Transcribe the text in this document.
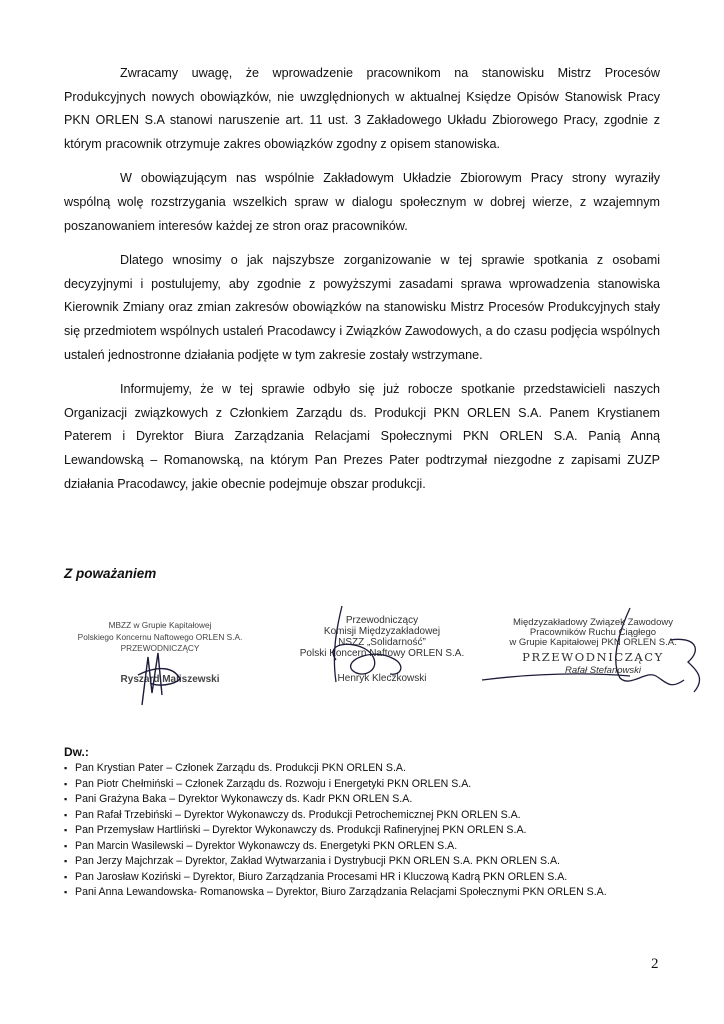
Zwracamy uwagę, że wprowadzenie pracownikom na stanowisku Mistrz Procesów Produkcyjnych nowych obowiązków, nie uwzględnionych w aktualnej Księdze Opisów Stanowisk Pracy PKN ORLEN S.A stanowi naruszenie art. 11 ust. 3 Zakładowego Układu Zbiorowego Pracy, zgodnie z którym pracownik otrzymuje zakres obowiązków zgodny z opisem stanowiska.

W obowiązującym nas wspólnie Zakładowym Układzie Zbiorowym Pracy strony wyraziły wspólną wolę rozstrzygania wszelkich spraw w dialogu społecznym w dobrej wierze, z wzajemnym poszanowaniem interesów każdej ze stron oraz pracowników.

Dlatego wnosimy o jak najszybsze zorganizowanie w tej sprawie spotkania z osobami decyzyjnymi i postulujemy, aby zgodnie z powyższymi zasadami sprawa wprowadzenia stanowiska Kierownik Zmiany oraz zmian zakresów obowiązków na stanowisku Mistrz Procesów Produkcyjnych stały się przedmiotem wspólnych ustaleń Pracodawcy i Związków Zawodowych, a do czasu podjęcia wspólnych ustaleń jednostronne działania podjęte w tym zakresie zostały wstrzymane.

Informujemy, że w tej sprawie odbyło się już robocze spotkanie przedstawicieli naszych Organizacji związkowych z Członkiem Zarządu ds. Produkcji PKN ORLEN S.A. Panem Krystianem Paterem i Dyrektor Biura Zarządzania Relacjami Społecznymi PKN ORLEN S.A. Panią Anną Lewandowską – Romanowską, na którym Pan Prezes Pater podtrzymał niezgodne z zapisami ZUZP działania Pracodawcy, jakie obecnie podejmuje obszar produkcji.

Z poważaniem
MBZZ w Grupie Kapitałowej
Polskiego Koncernu Naftowego ORLEN S.A.
PRZEWODNICZĄCY
Ryszard Maliszewski
Przewodniczący
Komisji Międzyzakładowej
NSZZ „Solidarność”
Polski Koncern Naftowy ORLEN S.A.
Henryk Kleczkowski
Międzyzakładowy Związek Zawodowy
Pracowników Ruchu Ciągłego
w Grupie Kapitałowej PKN ORLEN S.A.
PRZEWODNICZĄCY
Rafał Stefanowski

Dw.:

▪ Pan Krystian Pater – Członek Zarządu ds. Produkcji PKN ORLEN S.A.
▪ Pan Piotr Chełmiński – Członek Zarządu ds. Rozwoju i Energetyki PKN ORLEN S.A.
▪ Pani Grażyna Baka – Dyrektor Wykonawczy ds. Kadr PKN ORLEN S.A.
▪ Pan Rafał Trzebiński – Dyrektor Wykonawczy ds. Produkcji Petrochemicznej PKN ORLEN S.A.
▪ Pan Przemysław Hartliński – Dyrektor Wykonawczy ds. Produkcji Rafineryjnej PKN ORLEN S.A.
▪ Pan Marcin Wasilewski – Dyrektor Wykonawczy ds. Energetyki PKN ORLEN S.A.
▪ Pan Jerzy Majchrzak – Dyrektor, Zakład Wytwarzania i Dystrybucji PKN ORLEN S.A. PKN ORLEN S.A.
▪ Pan Jarosław Koziński – Dyrektor, Biuro Zarządzania Procesami HR i Kluczową Kadrą PKN ORLEN S.A.
▪ Pani Anna Lewandowska- Romanowska – Dyrektor, Biuro Zarządzania Relacjami Społecznymi PKN ORLEN S.A.
2
